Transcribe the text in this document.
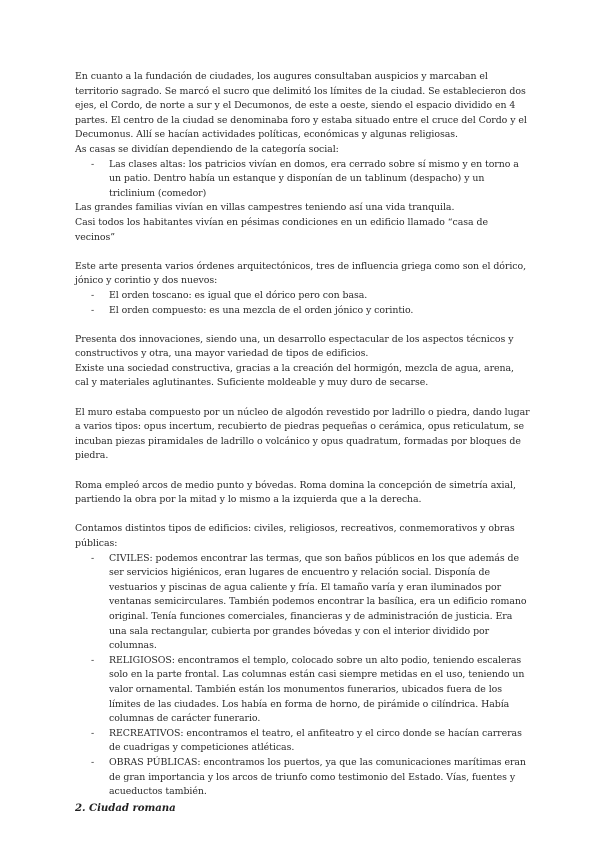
En cuanto a la fundación de ciudades, los augures consultaban auspicios y marcaban el territorio sagrado. Se marcó el sucro que delimitó los límites de la ciudad. Se establecieron dos ejes, el Cordo, de norte a sur y el Decumonos, de este a oeste, siendo el espacio dividido en 4 partes. El centro de la ciudad se denominaba foro y estaba situado entre el cruce del Cordo y el Decumonus. Allí se hacían actividades políticas, económicas y algunas religiosas.

As casas se dividían dependiendo de la categoría social:

- Las clases altas: los patricios vivían en domos, era cerrado sobre sí mismo y en torno a un patio. Dentro había un estanque y disponían de un tablinum (despacho) y un triclinium (comedor)

Las grandes familias vivían en villas campestres teniendo así una vida tranquila.

Casi todos los habitantes vivían en pésimas condiciones en un edificio llamado “casa de vecinos”

Este arte presenta varios órdenes arquitectónicos, tres de influencia griega como son el dórico, jónico y corintio y dos nuevos:

- El orden toscano: es igual que el dórico pero con basa.
- El orden compuesto: es una mezcla de el orden jónico y corintio.

Presenta dos innovaciones, siendo una, un desarrollo espectacular de los aspectos técnicos y constructivos y otra, una mayor variedad de tipos de edificios.

Existe una sociedad constructiva, gracias a la creación del hormigón, mezcla de agua, arena, cal y materiales aglutinantes. Suficiente moldeable y muy duro de secarse.

El muro estaba compuesto por un núcleo de algodón revestido por ladrillo o piedra, dando lugar a varios tipos: opus incertum, recubierto de piedras pequeñas o cerámica, opus reticulatum, se incuban piezas piramidales de ladrillo o volcánico y opus quadratum, formadas por bloques de piedra.

Roma empleó arcos de medio punto y bóvedas. Roma domina la concepción de simetría axial, partiendo la obra por la mitad y lo mismo a la izquierda que a la derecha.

Contamos distintos tipos de edificios: civiles, religiosos, recreativos, conmemorativos y obras públicas:

- CIVILES: podemos encontrar las termas, que son baños públicos en los que además de ser servicios higiénicos, eran lugares de encuentro y relación social. Disponía de vestuarios y piscinas de agua caliente y fría. El tamaño varía y eran iluminados por ventanas semicirculares. También podemos encontrar la basílica, era un edificio romano original. Tenía funciones comerciales, financieras y de administración de justicia. Era una sala rectangular, cubierta por grandes bóvedas y con el interior dividido por columnas.
- RELIGIOSOS: encontramos el templo, colocado sobre un alto podio, teniendo escaleras solo en la parte frontal. Las columnas están casi siempre metidas en el uso, teniendo un valor ornamental. También están los monumentos funerarios, ubicados fuera de los límites de las ciudades. Los había en forma de horno, de pirámide o cilíndrica. Había columnas de carácter funerario.
- RECREATIVOS: encontramos el teatro, el anfiteatro y el circo donde se hacían carreras de cuadrigas y competiciones atléticas.
- OBRAS PÚBLICAS: encontramos los puertos, ya que las comunicaciones marítimas eran de gran importancia y los arcos de triunfo como testimonio del Estado. Vías, fuentes y acueductos también.
2. Ciudad romana
